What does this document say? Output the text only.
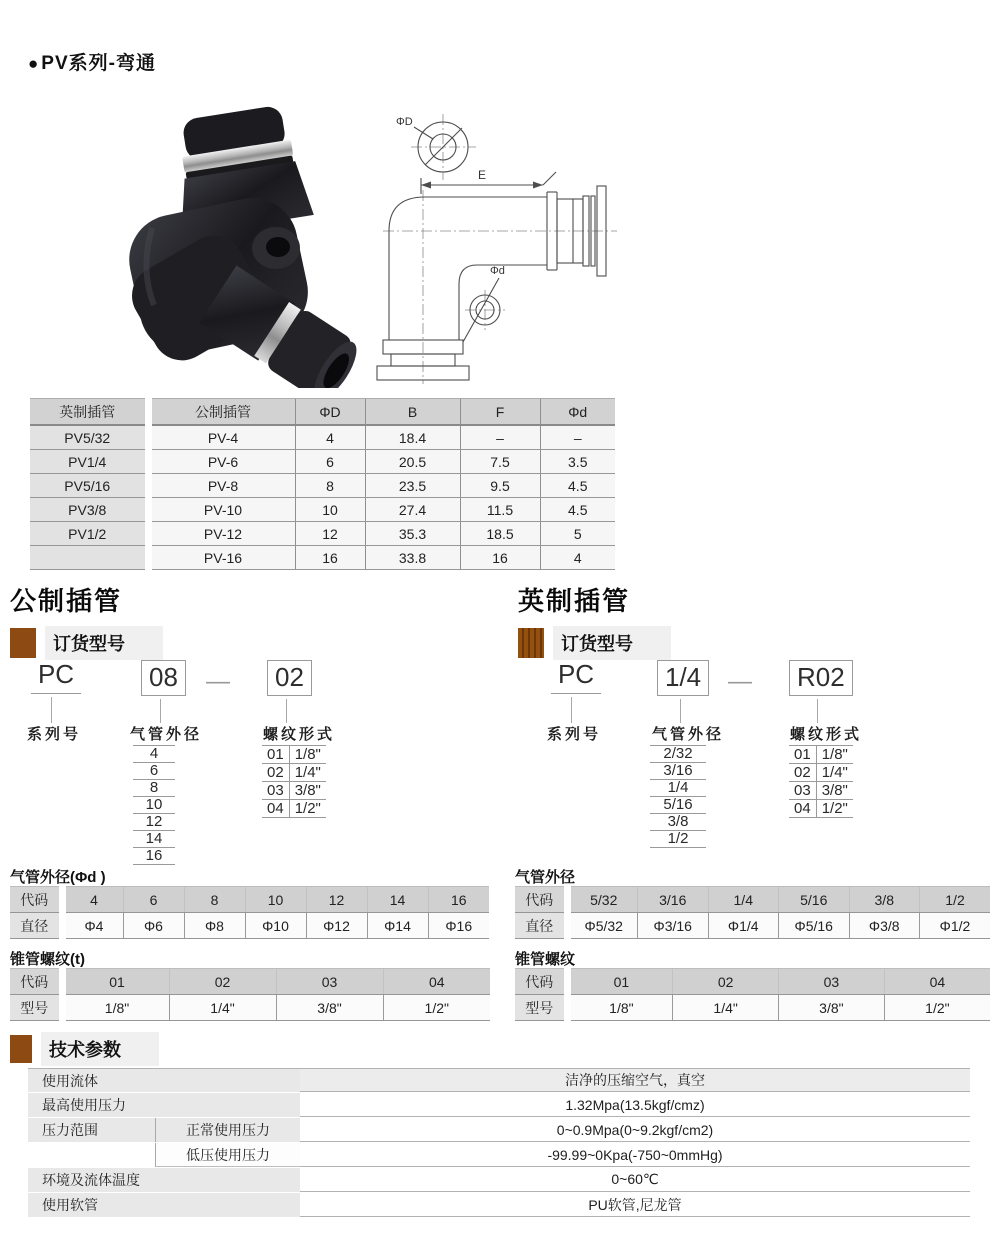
● PV系列-弯通
ΦD
E
Φd
英制插管	公制插管	ΦD	B	F	Φd
PV5/32	PV-4	4	18.4	–	–
PV1/4	PV-6	6	20.5	7.5	3.5
PV5/16	PV-8	8	23.5	9.5	4.5
PV3/8	PV-10	10	27.4	11.5	4.5
PV1/2	PV-12	12	35.3	18.5	5
	PV-16	16	33.8	16	4
公制插管	英制插管
订货型号	订货型号
PC	08	—	02
系列号	气管外径	螺纹形式
4
6
8
10
12
14
16
01	1/8"
02	1/4"
03	3/8"
04	1/2"
PC	1/4	—	R02
系列号	气管外径	螺纹形式
2/32
3/16
1/4
5/16
3/8
1/2
01	1/8"
02	1/4"
03	3/8"
04	1/2"
气管外径(Φd )
代码	4	6	8	10	12	14	16
直径	Φ4	Φ6	Φ8	Φ10	Φ12	Φ14	Φ16
锥管螺纹(t)
代码	01	02	03	04
型号	1/8"	1/4"	3/8"	1/2"
气管外径
代码	5/32	3/16	1/4	5/16	3/8	1/2
直径	Φ5/32	Φ3/16	Φ1/4	Φ5/16	Φ3/8	Φ1/2
锥管螺纹
代码	01	02	03	04
型号	1/8"	1/4"	3/8"	1/2"
技术参数
使用流体	洁净的压缩空气，真空
最高使用压力	1.32Mpa(13.5kgf/cmz)
压力范围	正常使用压力	0~0.9Mpa(0~9.2kgf/cm2)
低压使用压力	-99.99~0Kpa(-750~0mmHg)
环境及流体温度	0~60℃
使用软管	PU软管,尼龙管
